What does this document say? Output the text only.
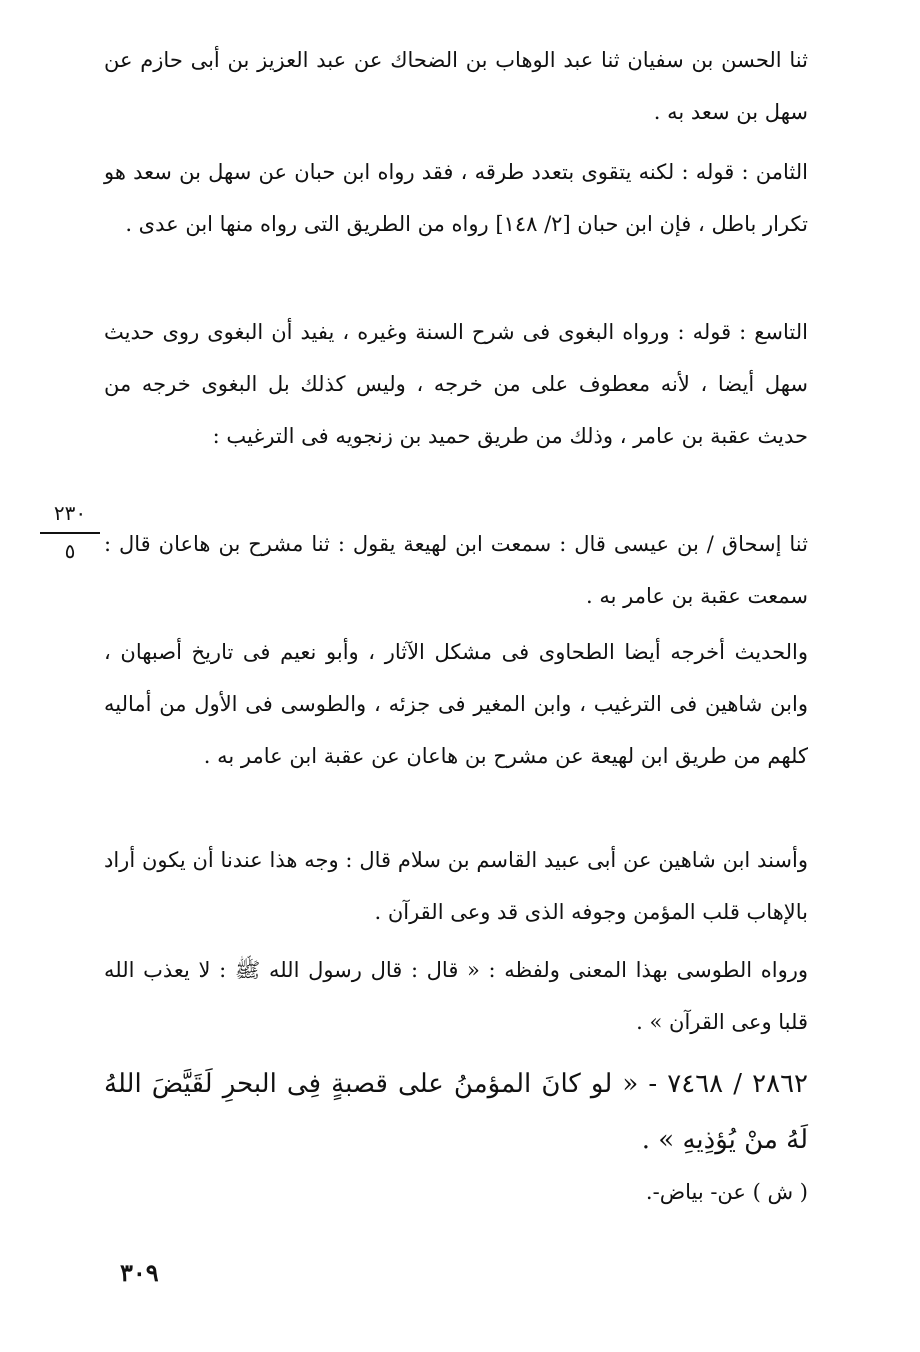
ثنا الحسن بن سفيان ثنا عبد الوهاب بن الضحاك عن عبد العزيز بن أبى حازم عن سهل بن سعد به .

الثامن : قوله : لكنه يتقوى بتعدد طرقه ، فقد رواه ابن حبان عن سهل بن سعد هو تكرار باطل ، فإن ابن حبان [٢/ ١٤٨] رواه من الطريق التى رواه منها ابن عدى .

التاسع : قوله : ورواه البغوى فى شرح السنة وغيره ، يفيد أن البغوى روى حديث سهل أيضا ، لأنه معطوف على من خرجه ، وليس كذلك بل البغوى خرجه من حديث عقبة بن عامر ، وذلك من طريق حميد بن زنجويه فى الترغيب :

٢٣٠
٥	ثنا إسحاق / بن عيسى قال : سمعت ابن لهيعة يقول : ثنا مشرح بن هاعان قال : سمعت عقبة بن عامر به .

والحديث أخرجه أيضا الطحاوى فى مشكل الآثار ، وأبو نعيم فى تاريخ أصبهان ، وابن شاهين فى الترغيب ، وابن المغير فى جزئه ، والطوسى فى الأول من أماليه كلهم من طريق ابن لهيعة عن مشرح بن هاعان عن عقبة ابن عامر به .

وأسند ابن شاهين عن أبى عبيد القاسم بن سلام قال : وجه هذا عندنا أن يكون أراد بالإهاب قلب المؤمن وجوفه الذى قد وعى القرآن .

ورواه الطوسى بهذا المعنى ولفظه : « قال : قال رسول الله ﷺ : لا يعذب الله قلبا وعى القرآن » .

٢٨٦٢ / ٧٤٦٨ - « لو كانَ المؤمنُ على قصبةٍ فِى البحرِ لَقَيَّضَ اللهُ لَهُ منْ يُؤذِيهِ » .

( ش ) عن- بياض-.

٣٠٩
